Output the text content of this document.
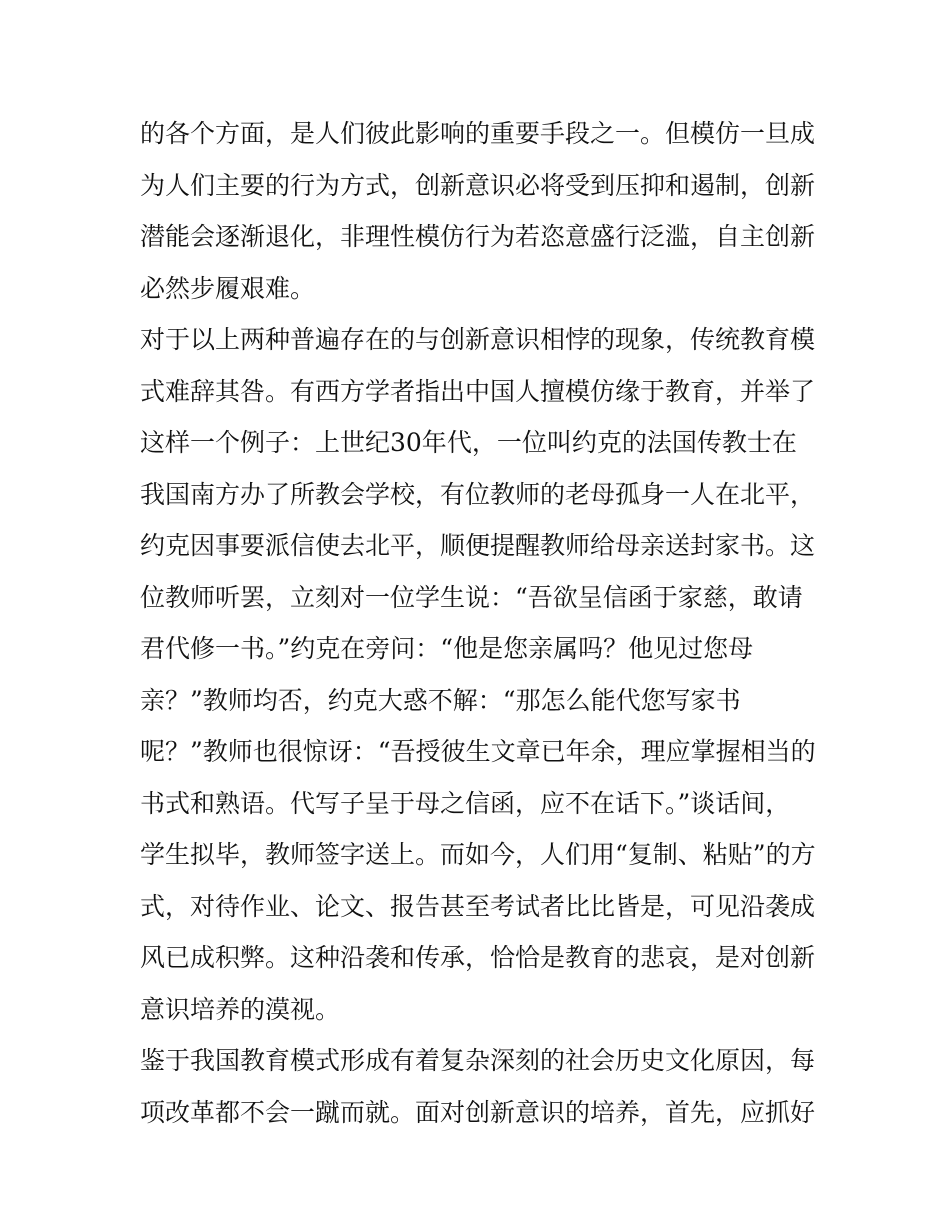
的各个方面，是人们彼此影响的重要手段之一。但模仿一旦成
为人们主要的行为方式，创新意识必将受到压抑和遏制，创新
潜能会逐渐退化，非理性模仿行为若恣意盛行泛滥，自主创新
必然步履艰难。
对于以上两种普遍存在的与创新意识相悖的现象，传统教育模
式难辞其咎。有西方学者指出中国人擅模仿缘于教育，并举了
这样一个例子：上世纪30年代，一位叫约克的法国传教士在
我国南方办了所教会学校，有位教师的老母孤身一人在北平，
约克因事要派信使去北平，顺便提醒教师给母亲送封家书。这
位教师听罢，立刻对一位学生说：“吾欲呈信函于家慈，敢请
君代修一书。”约克在旁问：“他是您亲属吗？他见过您母
亲？”教师均否，约克大惑不解：“那怎么能代您写家书
呢？”教师也很惊讶：“吾授彼生文章已年余，理应掌握相当的
书式和熟语。代写子呈于母之信函，应不在话下。”谈话间，
学生拟毕，教师签字送上。而如今，人们用“复制、粘贴”的方
式，对待作业、论文、报告甚至考试者比比皆是，可见沿袭成
风已成积弊。这种沿袭和传承，恰恰是教育的悲哀，是对创新
意识培养的漠视。
鉴于我国教育模式形成有着复杂深刻的社会历史文化原因，每
项改革都不会一蹴而就。面对创新意识的培养，首先，应抓好
